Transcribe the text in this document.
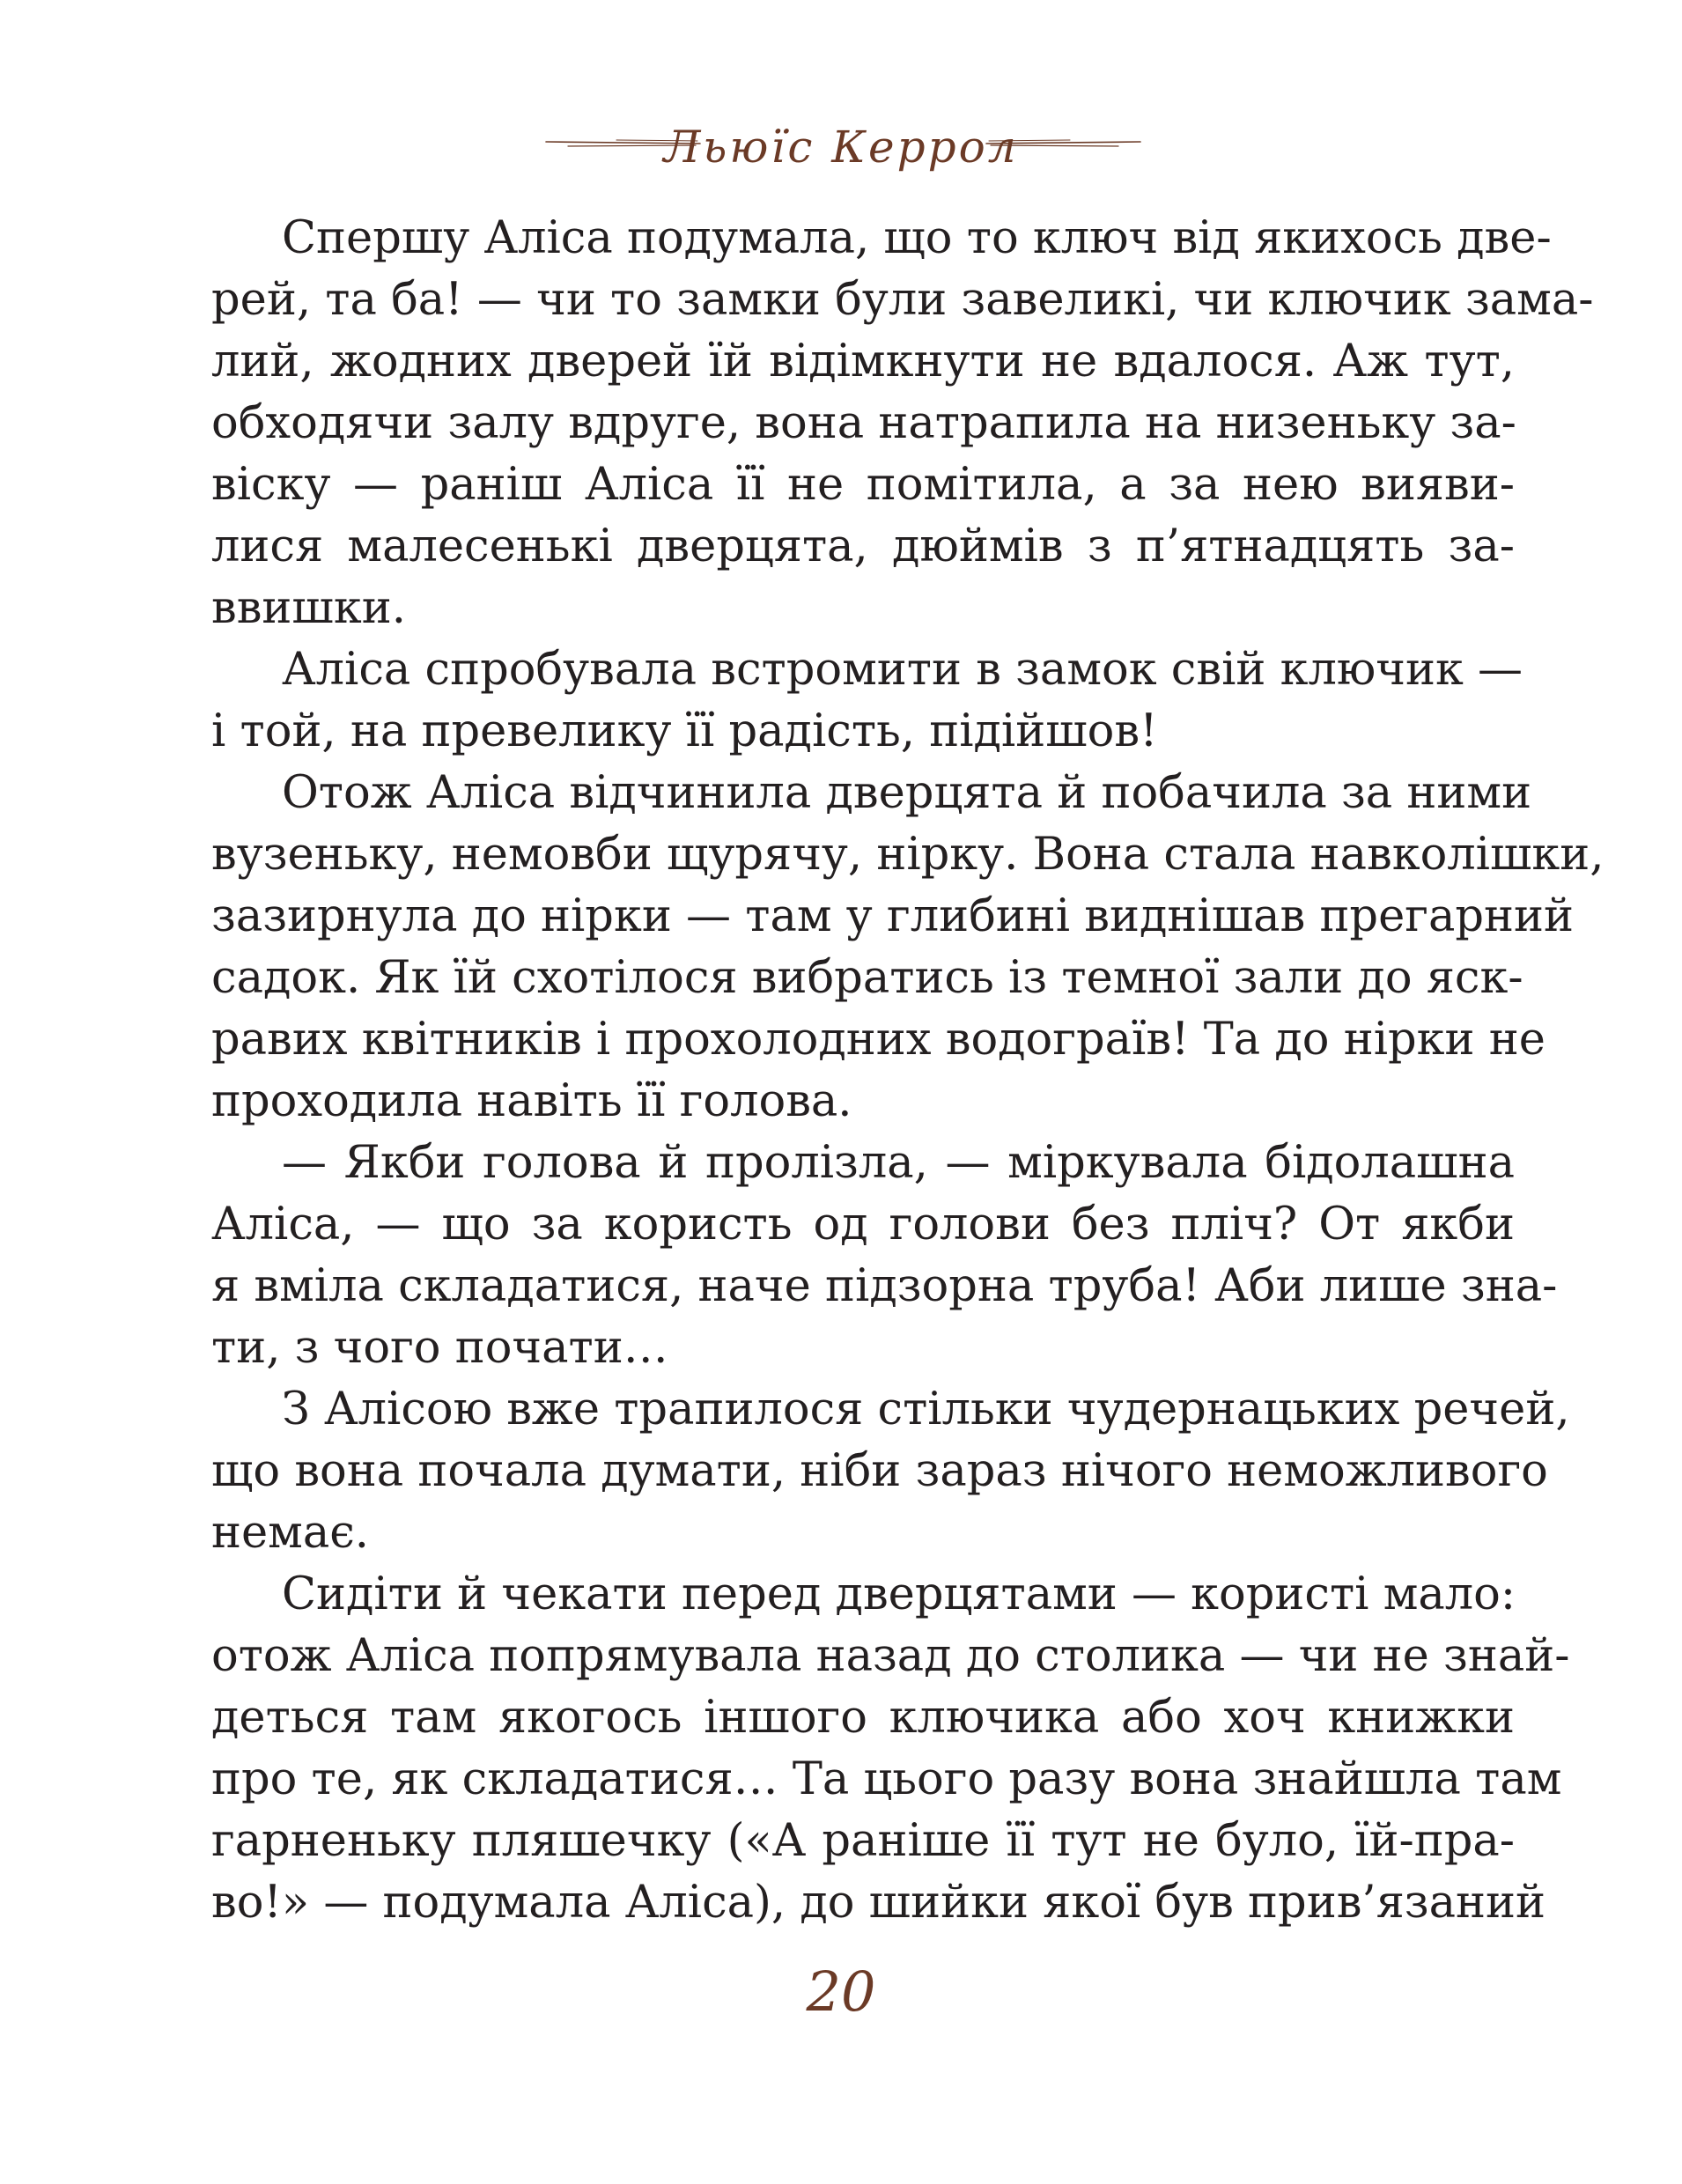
Льюїс Керрол
Спершу Аліса подумала, що то ключ від якихось две-
рей, та ба! — чи то замки були завеликі, чи ключик зама-
лий, жодних дверей їй відімкнути не вдалося. Аж тут,
обходячи залу вдруге, вона натрапила на низеньку за-
віску — раніш Аліса її не помітила, а за нею вияви-
лися малесенькі дверцята, дюймів з п’ятнадцять за-
ввишки.
Аліса спробувала встромити в замок свій ключик —
і той, на превелику її радість, підійшов!
Отож Аліса відчинила дверцята й побачила за ними
вузеньку, немовби щурячу, нірку. Вона стала навколішки,
зазирнула до нірки — там у глибині виднішав прегарний
садок. Як їй схотілося вибратись із темної зали до яск-
равих квітників і прохолодних водограїв! Та до нірки не
проходила навіть її голова.
— Якби голова й пролізла, — міркувала бідолашна
Аліса, — що за користь од голови без пліч? От якби
я вміла складатися, наче підзорна труба! Аби лише зна-
ти, з чого почати…
З Алісою вже трапилося стільки чудернацьких речей,
що вона почала думати, ніби зараз нічого неможливого
немає.
Сидіти й чекати перед дверцятами — користі мало:
отож Аліса попрямувала назад до столика — чи не знай-
деться там якогось іншого ключика або хоч книжки
про те, як складатися… Та цього разу вона знайшла там
гарненьку пляшечку («А раніше її тут не було, їй-пра-
во!» — подумала Аліса), до шийки якої був прив’язаний
20
